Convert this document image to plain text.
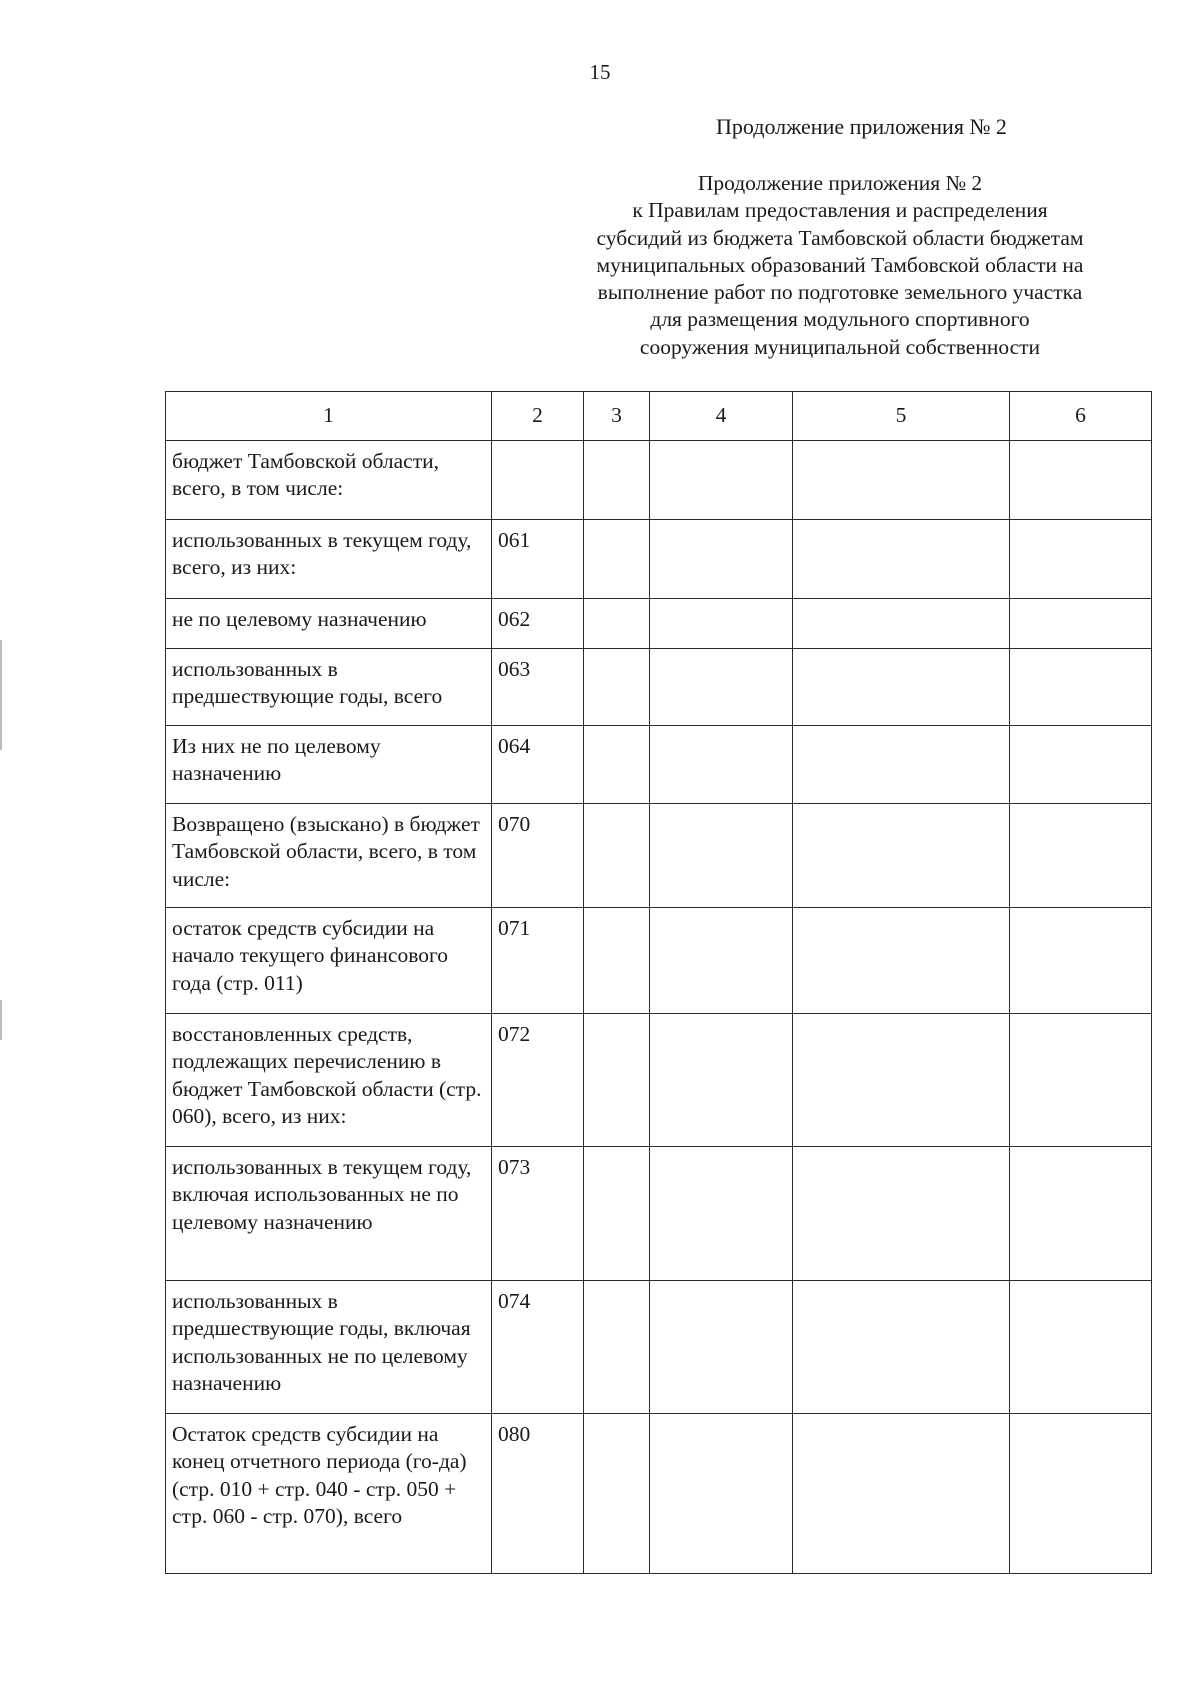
15
Продолжение приложения № 2
Продолжение приложения № 2
к Правилам предоставления и распределения
субсидий из бюджета Тамбовской области бюджетам
муниципальных образований Тамбовской области на
выполнение работ по подготовке земельного участка
для размещения модульного спортивного
сооружения муниципальной собственности
1	2	3	4	5	6
бюджет Тамбовской области, всего, в том числе:					
использованных в текущем году, всего, из них:	061				
не по целевому назначению	062				
использованных в предшествующие годы, всего	063				
Из них не по целевому назначению	064				
Возвращено (взыскано) в бюджет Тамбовской области, всего, в том числе:	070				
остаток средств субсидии на начало текущего финансового года (стр. 011)	071				
восстановленных средств, подлежащих перечислению в бюджет Тамбовской области (стр. 060), всего, из них:	072				
использованных в текущем году, включая использованных не по целевому назначению	073				
использованных в предшествующие годы, включая использованных не по целевому назначению	074				
Остаток средств субсидии на конец отчетного периода (го-да) (стр. 010 + стр. 040 - стр. 050 + стр. 060 - стр. 070), всего	080				
